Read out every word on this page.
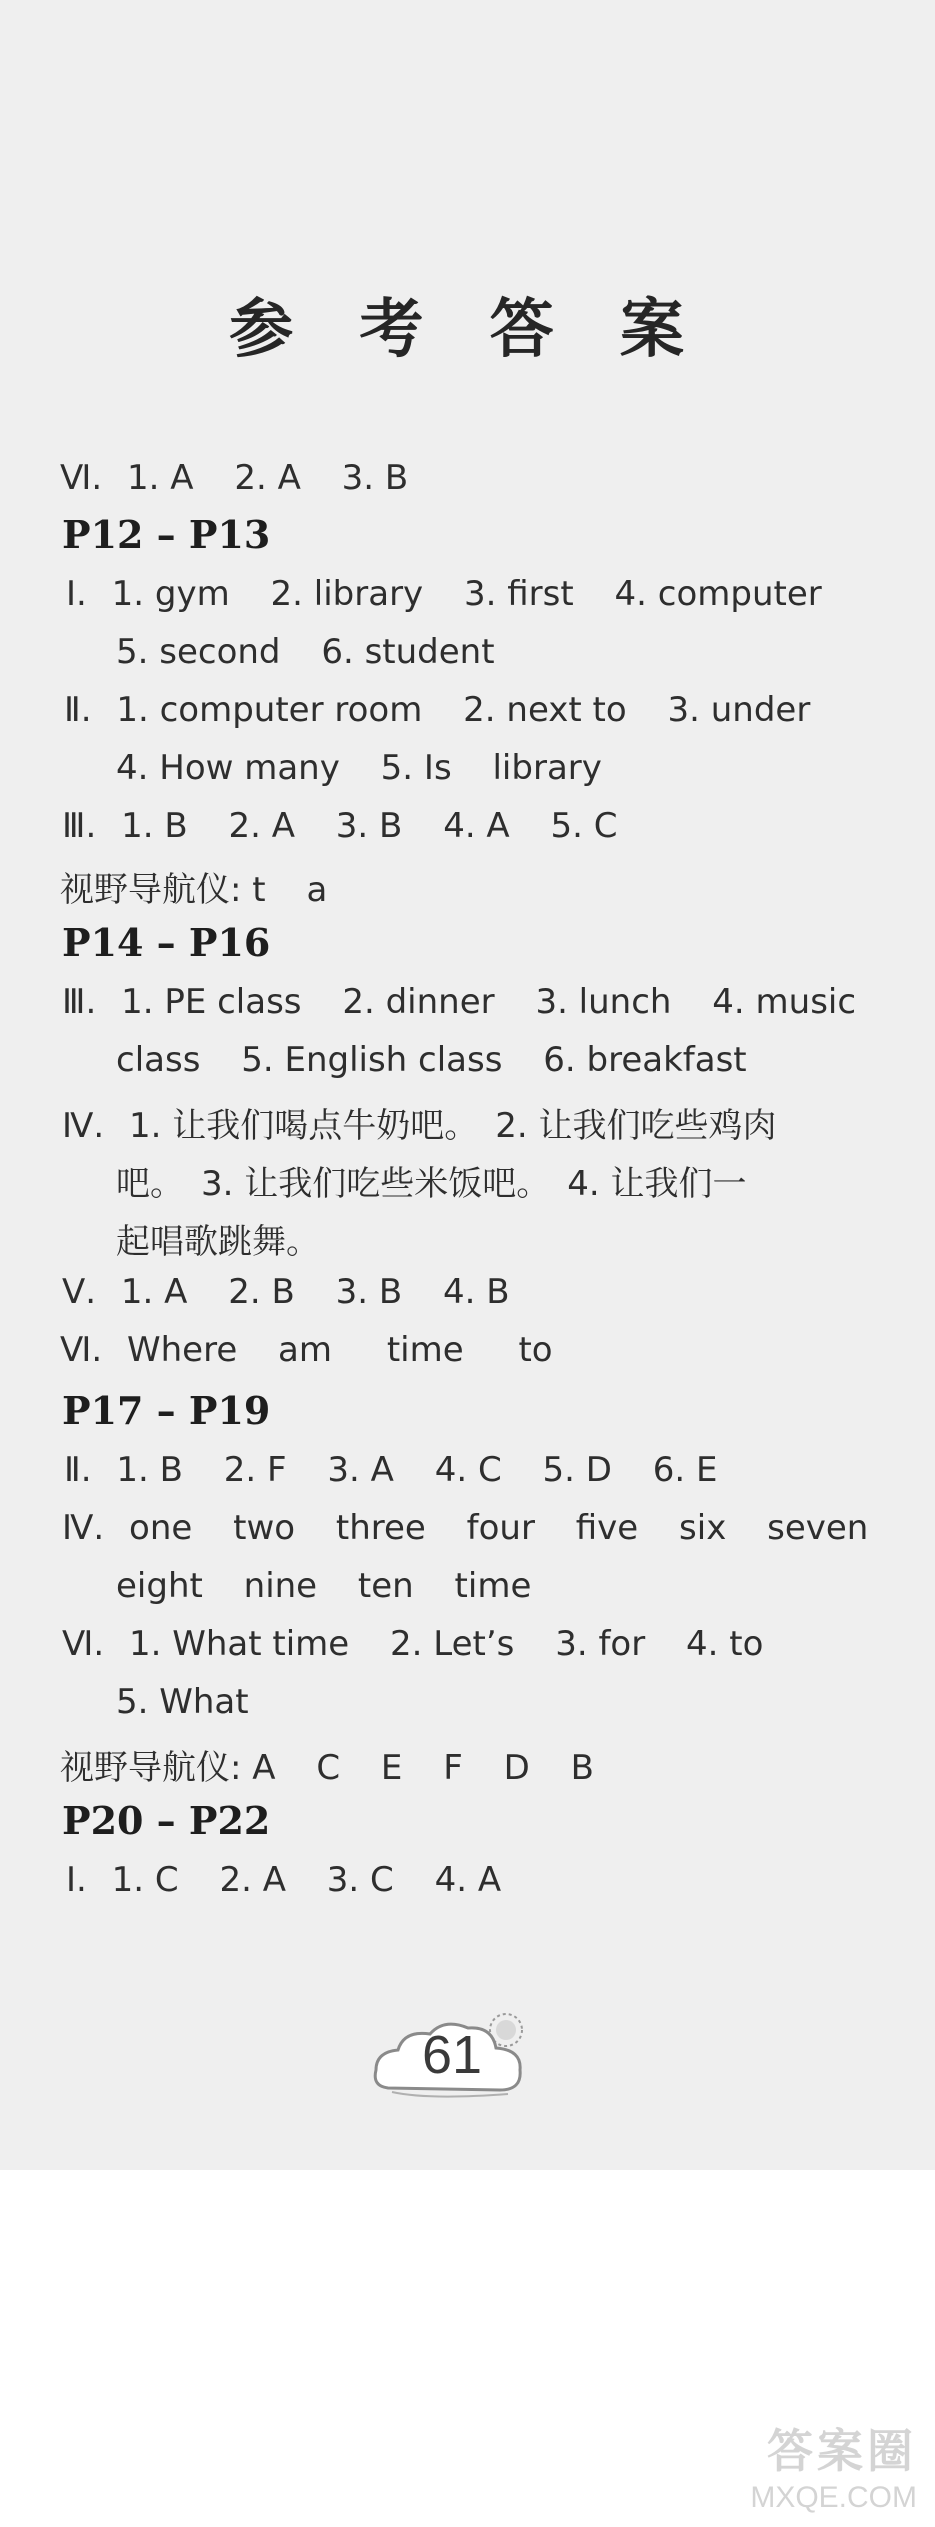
参 考 答 案
Ⅵ. 1. A 2. A 3. B
P12 – P13
Ⅰ. 1. gym 2. library 3. first 4. computer
5. second 6. student
Ⅱ. 1. computer room 2. next to 3. under
4. How many 5. Is library
Ⅲ. 1. B 2. A 3. B 4. A 5. C
视野导航仪: t a
P14 – P16
Ⅲ. 1. PE class 2. dinner 3. lunch 4. music
class 5. English class 6. breakfast
Ⅳ. 1. 让我们喝点牛奶吧。　2. 让我们吃些鸡肉
吧。　3. 让我们吃些米饭吧。　4. 让我们一
起唱歌跳舞。
Ⅴ. 1. A 2. B 3. B 4. B
Ⅵ. Where am time to
P17 – P19
Ⅱ. 1. B 2. F 3. A 4. C 5. D 6. E
Ⅳ. one two three four five six seven
eight nine ten time
Ⅵ. 1. What time 2. Let’s 3. for 4. to
5. What
视野导航仪: A C E F D B
P20 – P22
Ⅰ. 1. C 2. A 3. C 4. A
61
答案圈
MXQE.COM
